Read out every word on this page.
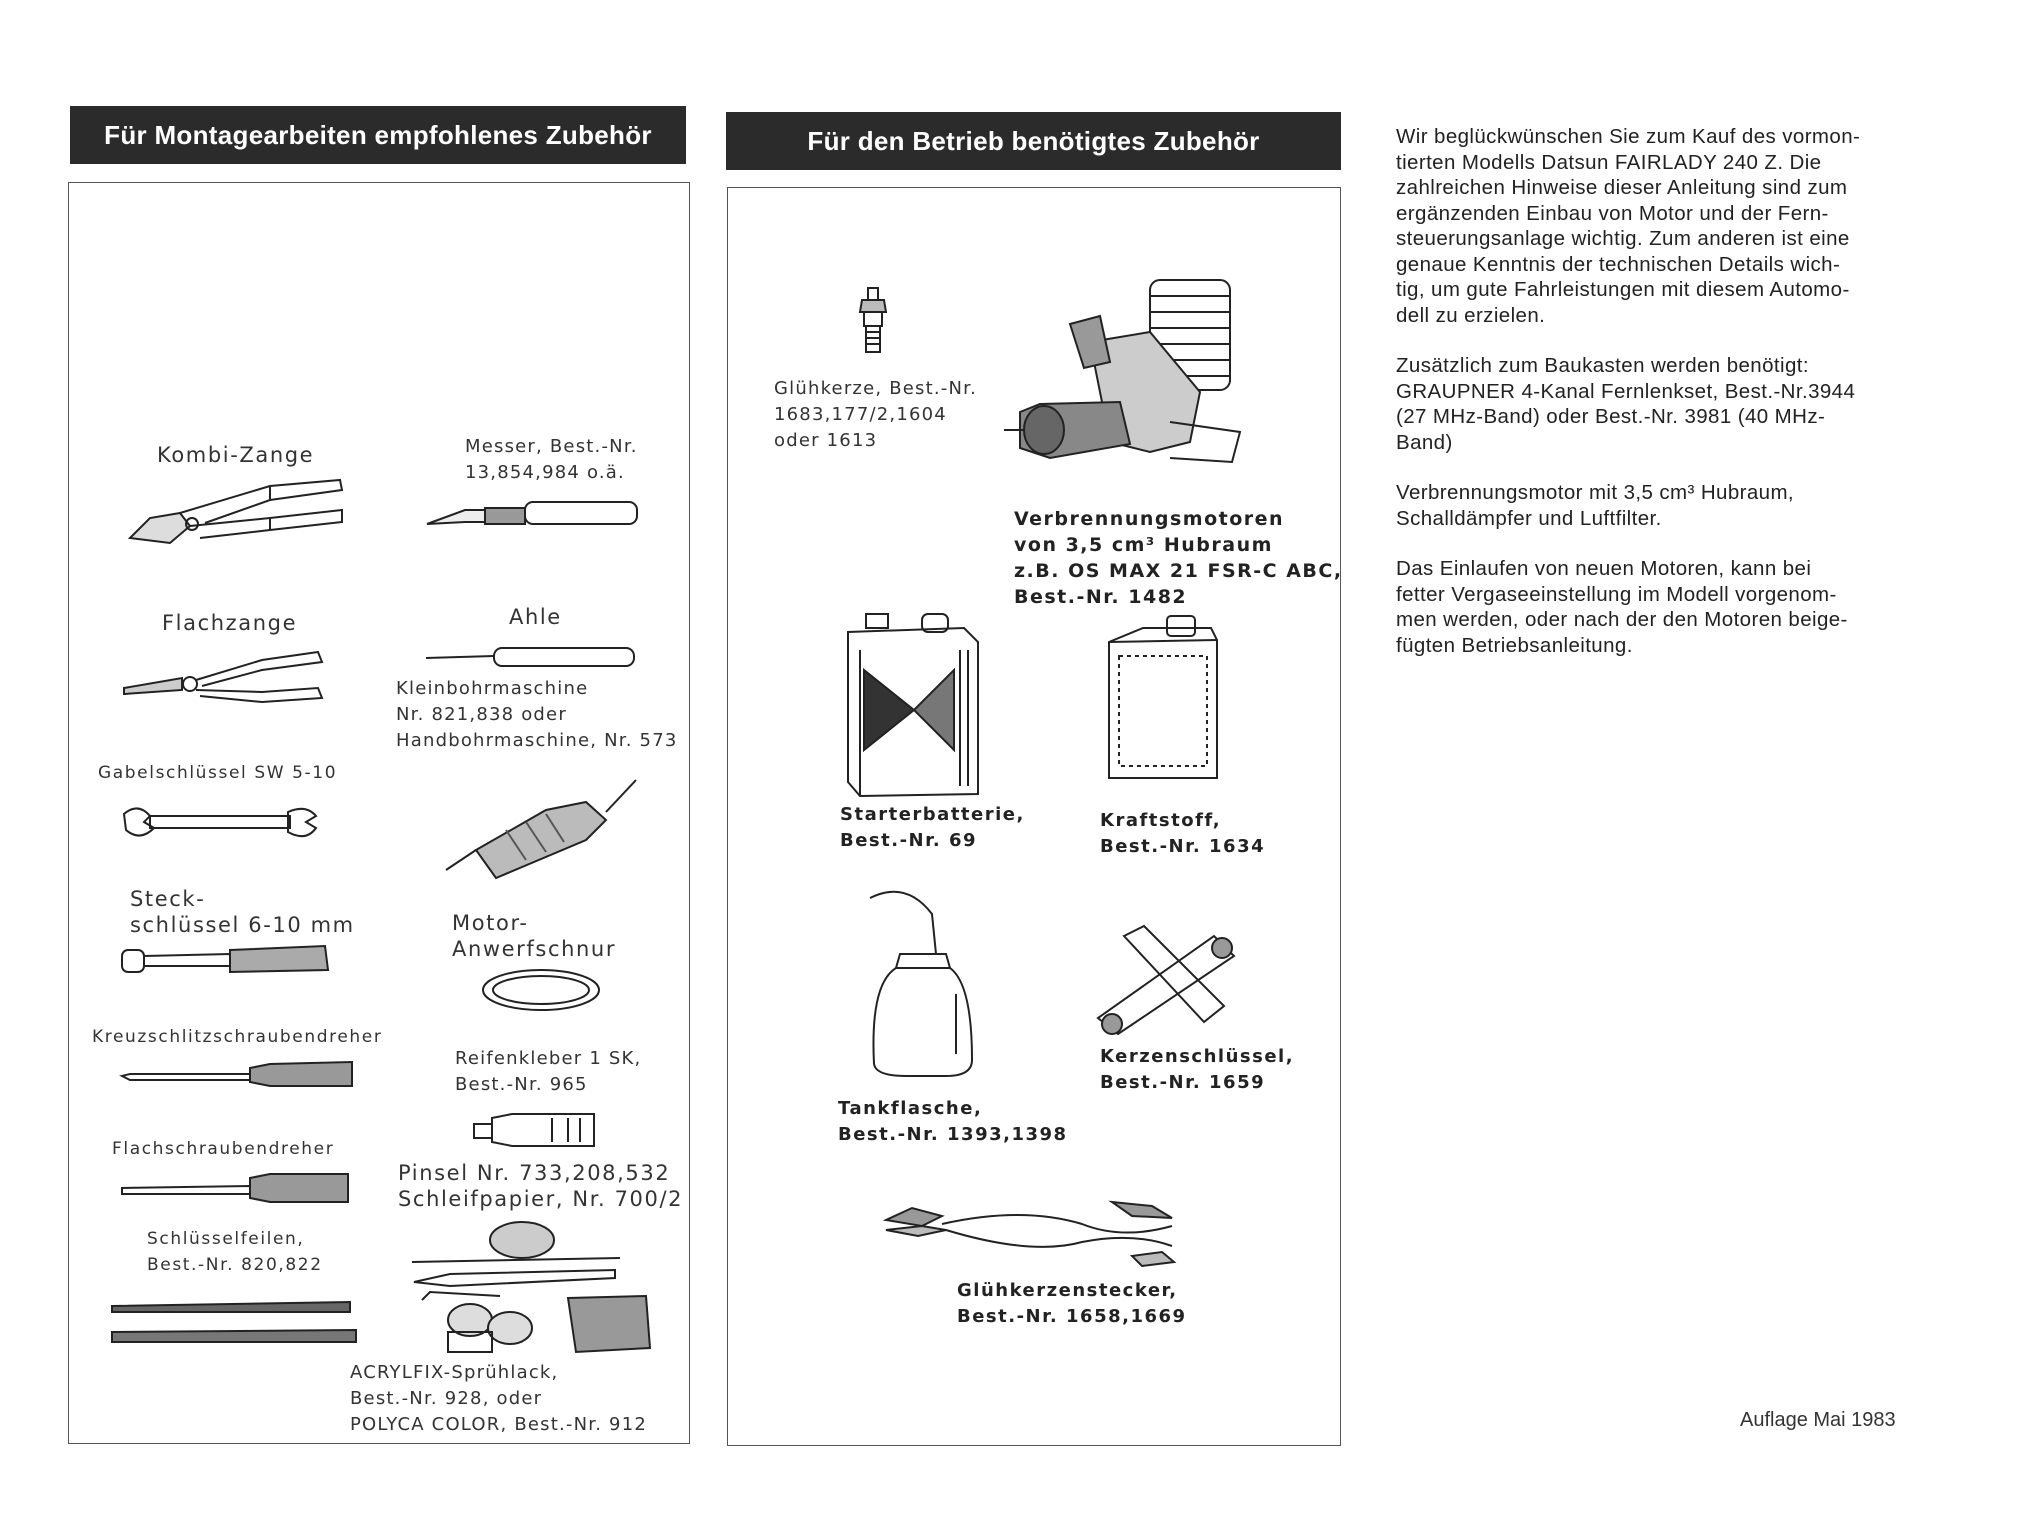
Für Montagearbeiten empfohlenes Zubehör	Für den Betrieb benötigtes Zubehör
Kombi-Zange	Messer, Best.-Nr.
13,854,984 o.ä.
Flachzange	Ahle
Kleinbohrmaschine
Nr. 821,838 oder
Handbohrmaschine, Nr. 573
Gabelschlüssel SW 5-10
Steck-
schlüssel 6-10 mm	Motor-
Anwerfschnur
Kreuzschlitzschraubendreher
Reifenkleber 1 SK,
Best.-Nr. 965
Flachschraubendreher
Pinsel Nr. 733,208,532
Schleifpapier, Nr. 700/2
Schlüsselfeilen,
Best.-Nr. 820,822
ACRYLFIX-Sprühlack,
Best.-Nr. 928, oder
POLYCA COLOR, Best.-Nr. 912
Glühkerze, Best.-Nr.
1683,177/2,1604
oder 1613
Verbrennungsmotoren
von 3,5 cm³ Hubraum
z.B. OS MAX 21 FSR-C ABC,
Best.-Nr. 1482
Starterbatterie,
Best.-Nr. 69
Kraftstoff,
Best.-Nr. 1634
Tankflasche,
Best.-Nr. 1393,1398
Kerzenschlüssel,
Best.-Nr. 1659
Glühkerzenstecker,
Best.-Nr. 1658,1669

Wir beglückwünschen Sie zum Kauf des vormon-
tierten Modells Datsun FAIRLADY 240 Z. Die
zahlreichen Hinweise dieser Anleitung sind zum
ergänzenden Einbau von Motor und der Fern-
steuerungsanlage wichtig. Zum anderen ist eine
genaue Kenntnis der technischen Details wich-
tig, um gute Fahrleistungen mit diesem Automo-
dell zu erzielen.

Zusätzlich zum Baukasten werden benötigt:
GRAUPNER 4-Kanal Fernlenkset, Best.-Nr.3944
(27 MHz-Band) oder Best.-Nr. 3981 (40 MHz-
Band)

Verbrennungsmotor mit 3,5 cm³ Hubraum,
Schalldämpfer und Luftfilter.

Das Einlaufen von neuen Motoren, kann bei
fetter Vergaseeinstellung im Modell vorgenom-
men werden, oder nach der den Motoren beige-
fügten Betriebsanleitung.

Auflage Mai 1983
